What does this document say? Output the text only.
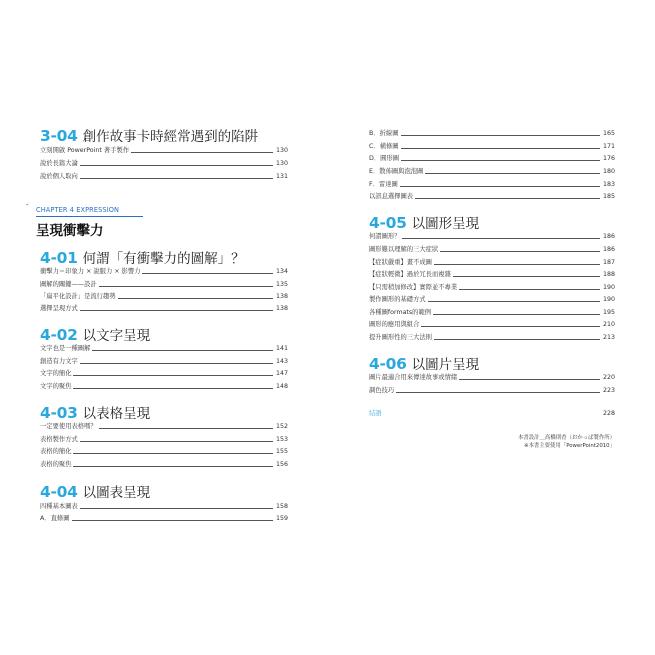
3-04 創作故事卡時經常遇到的陷阱
立刻開啟 PowerPoint 著手製作	130
說於長篇大論	130
說於個人取向	131
-
CHAPTER 4 EXPRESSION
呈現衝擊力
4-01 何謂「有衝擊力的圖解」？
衝擊力＝印象力 × 說服力 × 影響力	134
圖解的關鍵——設計	135
「扁平化設計」是流行趨勢	138
選擇呈現方式	138
4-02 以文字呈現
文字也是一種圖解	141
創造有力文字	143
文字的簡化	147
文字的聚焦	148
4-03 以表格呈現
一定要使用表格嗎？	152
表格製作方式	153
表格的簡化	155
表格的聚焦	156
4-04 以圖表呈現
四種基本圖表	158
A．直條圖	159
B．折線圖	165
C．橫條圖	171
D．圓形圖	176
E．散佈圖與泡泡圖	180
F．雷達圖	183
以訊息選擇圖表	185
4-05 以圖形呈現
何謂圖形？	186
圖形難以理解的三大症狀	186
【症狀嚴重】畫不成圖	187
【症狀輕微】過於冗長而複雜	188
【只需稍加修改】實際並不專業	190
製作圖形的基礎方式	190
各種圖formats的範例	195
圖形的應用與組合	210
提升圖形性的三大法則	213
4-06 以圖片呈現
圖片最適合用來傳達故事或情緒	220
調色技巧	223
結語	228
本書設計＿高橋則香（おかっぱ製作所）
※本書主要使用「PowerPoint2010」
